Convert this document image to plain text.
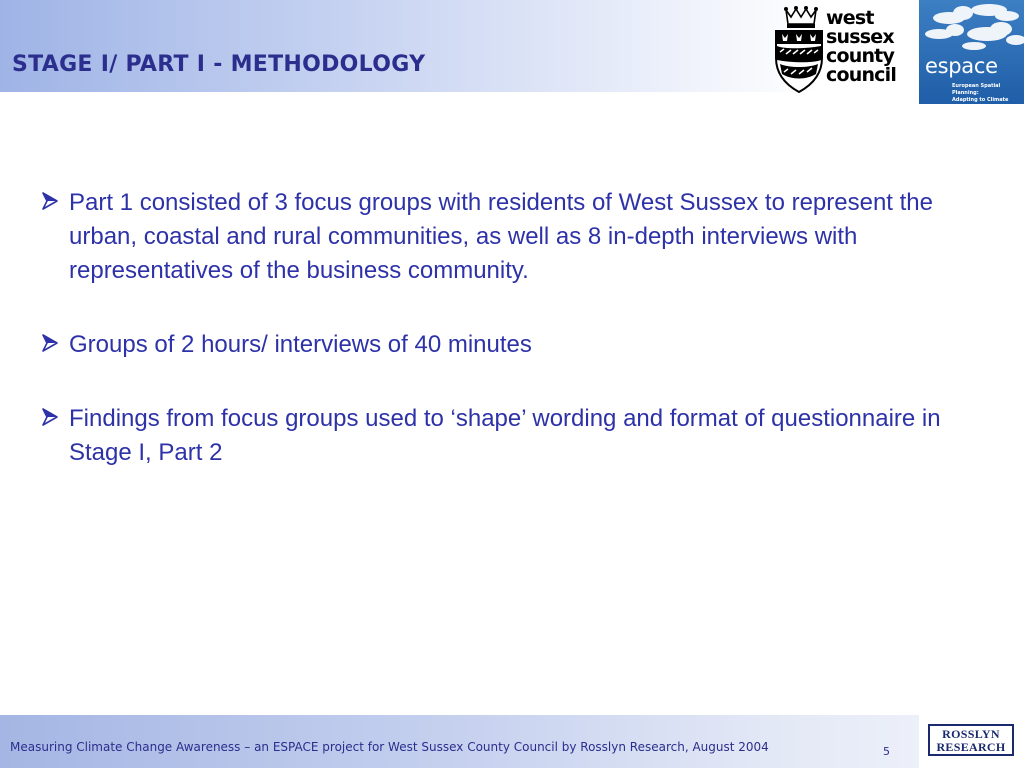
STAGE I/ PART I - METHODOLOGY
west
sussex
county
council	espace
European Spatial Planning:
Adapting to Climate Events
Part 1 consisted of 3 focus groups with residents of West Sussex to represent the urban, coastal and rural communities, as well as 8 in-depth interviews with representatives of the business community.
Groups of 2 hours/ interviews of 40 minutes
Findings from focus groups used to ‘shape’ wording and format of questionnaire in Stage I, Part 2
Measuring Climate Change Awareness – an ESPACE project for West Sussex County Council by Rosslyn Research, August 2004	5
ROSSLYN
RESEARCH
